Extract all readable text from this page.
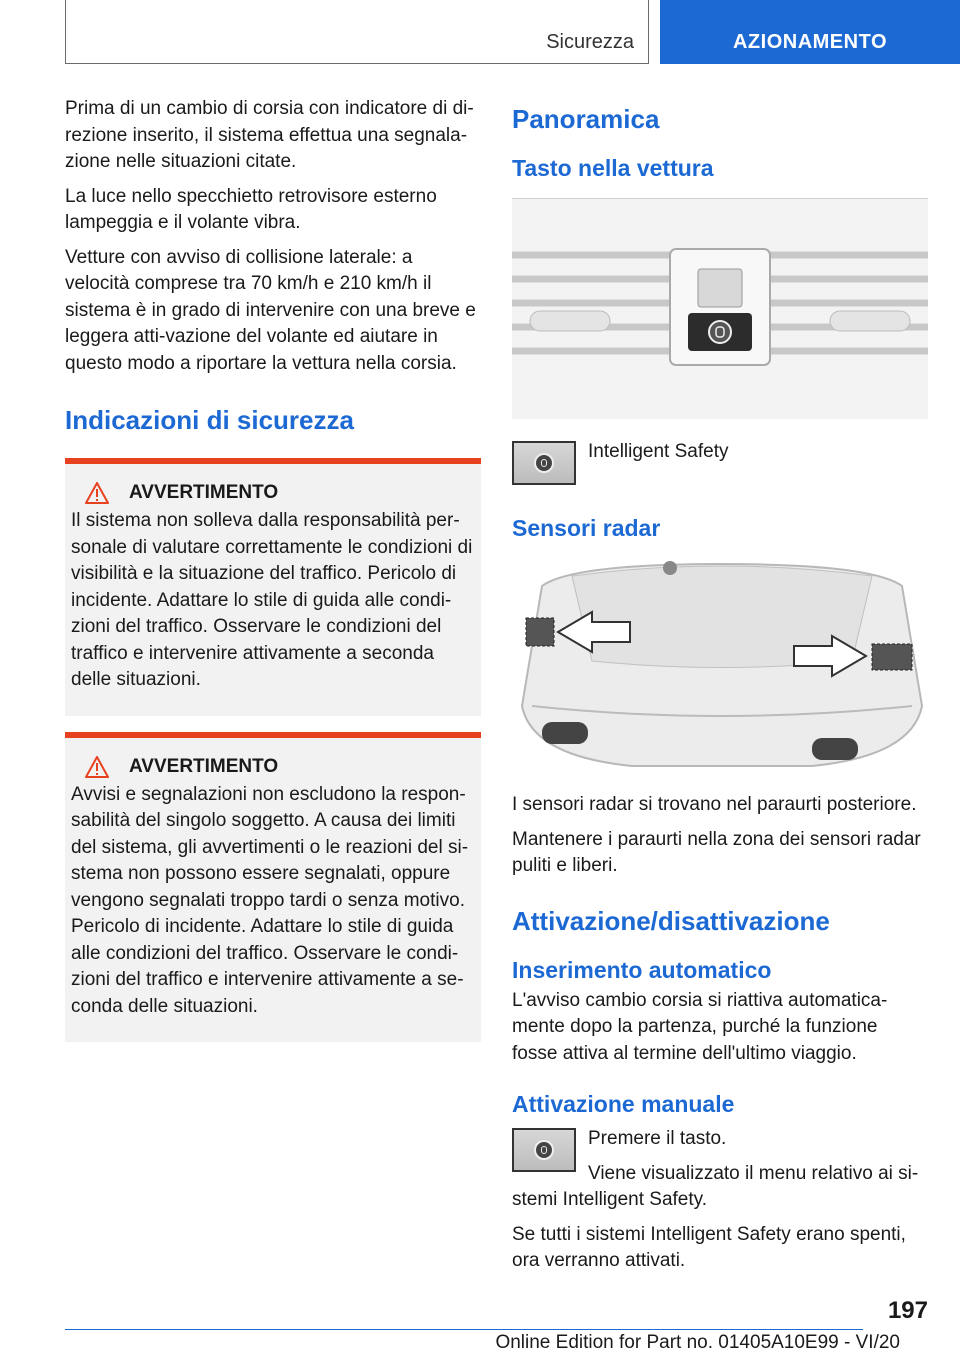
Sicurezza	AZIONAMENTO

Prima di un cambio di corsia con indicatore di di-rezione inserito, il sistema effettua una segnala-zione nelle situazioni citate.

La luce nello specchietto retrovisore esterno lampeggia e il volante vibra.

Vetture con avviso di collisione laterale: a velocità comprese tra 70 km/h e 210 km/h il sistema è in grado di intervenire con una breve e leggera atti-vazione del volante ed aiutare in questo modo a riportare la vettura nella corsia.

Indicazioni di sicurezza
AVVERTIMENTO

Il sistema non solleva dalla responsabilità per-sonale di valutare correttamente le condizioni di visibilità e la situazione del traffico. Pericolo di incidente. Adattare lo stile di guida alle condi-zioni del traffico. Osservare le condizioni del traffico e intervenire attivamente a seconda delle situazioni.

AVVERTIMENTO

Avvisi e segnalazioni non escludono la respon-sabilità del singolo soggetto. A causa dei limiti del sistema, gli avvertimenti o le reazioni del si-stema non possono essere segnalati, oppure vengono segnalati troppo tardi o senza motivo. Pericolo di incidente. Adattare lo stile di guida alle condizioni del traffico. Osservare le condi-zioni del traffico e intervenire attivamente a se-conda delle situazioni.

Panoramica
Tasto nella vettura

Intelligent Safety

Sensori radar

I sensori radar si trovano nel paraurti posteriore.

Mantenere i paraurti nella zona dei sensori radar puliti e liberi.

Attivazione/disattivazione
Inserimento automatico

L'avviso cambio corsia si riattiva automatica-mente dopo la partenza, purché la funzione fosse attiva al termine dell'ultimo viaggio.

Attivazione manuale

Premere il tasto.

Viene visualizzato il menu relativo ai si-stemi Intelligent Safety.

Se tutti i sistemi Intelligent Safety erano spenti, ora verranno attivati.

197
Online Edition for Part no. 01405A10E99 - VI/20
